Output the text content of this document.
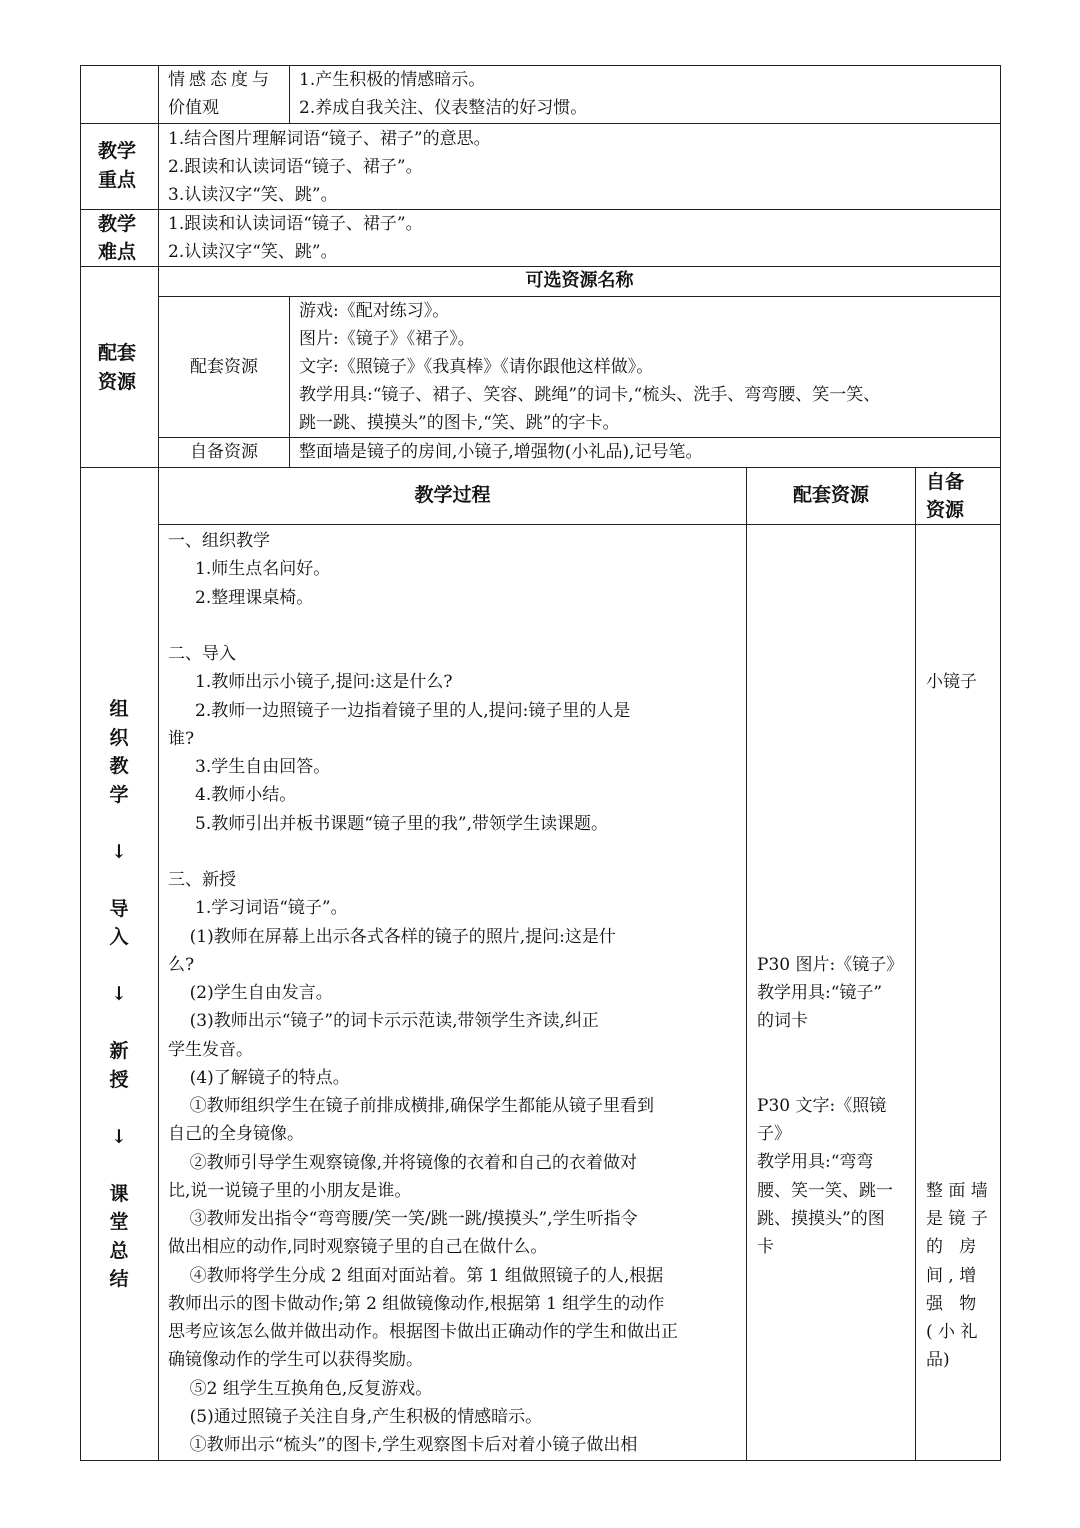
情感态度与
价值观
1.产生积极的情感暗示。
2.养成自我关注、仪表整洁的好习惯。
教学
重点
1.结合图片理解词语“镜子、裙子”的意思。
2.跟读和认读词语“镜子、裙子”。
3.认读汉字“笑、跳”。
教学
难点
1.跟读和认读词语“镜子、裙子”。
2.认读汉字“笑、跳”。
配套
资源
可选资源名称
配套资源
游戏:《配对练习》。
图片:《镜子》《裙子》。
文字:《照镜子》《我真棒》《请你跟他这样做》。
教学用具:“镜子、裙子、笑容、跳绳”的词卡,“梳头、洗手、弯弯腰、笑一笑、
跳一跳、摸摸头”的图卡,“笑、跳”的字卡。
自备资源	整面墙是镜子的房间,小镜子,增强物(小礼品),记号笔。
教学过程	配套资源
自备
资源
组
织
教
学
↓
导
入
↓
新
授
↓
课
堂
总
结
一、组织教学
1.师生点名问好。
2.整理课桌椅。
二、导入
1.教师出示小镜子,提问:这是什么?
2.教师一边照镜子一边指着镜子里的人,提问:镜子里的人是
谁?
3.学生自由回答。
4.教师小结。
5.教师引出并板书课题“镜子里的我”,带领学生读课题。
三、新授
1.学习词语“镜子”。
(1)教师在屏幕上出示各式各样的镜子的照片,提问:这是什
么?
(2)学生自由发言。
(3)教师出示“镜子”的词卡示示范读,带领学生齐读,纠正
学生发音。
(4)了解镜子的特点。
①教师组织学生在镜子前排成横排,确保学生都能从镜子里看到
自己的全身镜像。
②教师引导学生观察镜像,并将镜像的衣着和自己的衣着做对
比,说一说镜子里的小朋友是谁。
③教师发出指令“弯弯腰/笑一笑/跳一跳/摸摸头”,学生听指令
做出相应的动作,同时观察镜子里的自己在做什么。
④教师将学生分成 2 组面对面站着。第 1 组做照镜子的人,根据
教师出示的图卡做动作;第 2 组做镜像动作,根据第 1 组学生的动作
思考应该怎么做并做出动作。根据图卡做出正确动作的学生和做出正
确镜像动作的学生可以获得奖励。
⑤2 组学生互换角色,反复游戏。
(5)通过照镜子关注自身,产生积极的情感暗示。
①教师出示“梳头”的图卡,学生观察图卡后对着小镜子做出相
P30 图片:《镜子》
教学用具:“镜子”
的词卡
P30 文字:《照镜
子》
教学用具:“弯弯
腰、笑一笑、跳一
跳、摸摸头”的图
卡
小镜子
整 面 墙
是 镜 子
的   房
间 , 增
强   物
( 小 礼
品)
